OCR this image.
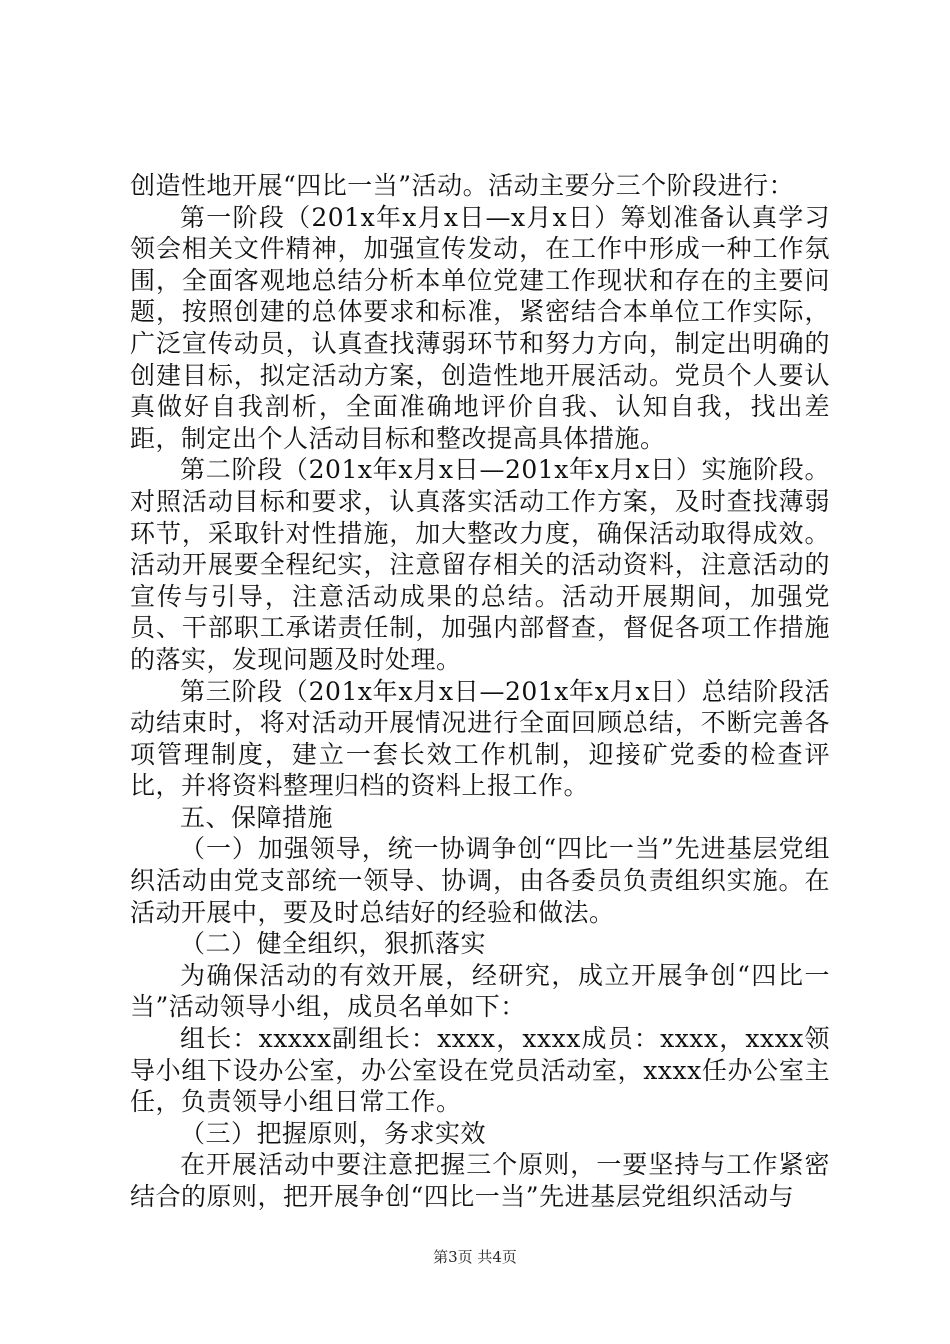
创造性地开展“四比一当”活动。活动主要分三个阶段进行：

第一阶段（201x年x月x日—x月x日）筹划准备认真学习领会相关文件精神，加强宣传发动，在工作中形成一种工作氛围，全面客观地总结分析本单位党建工作现状和存在的主要问题，按照创建的总体要求和标准，紧密结合本单位工作实际，广泛宣传动员，认真查找薄弱环节和努力方向，制定出明确的创建目标，拟定活动方案，创造性地开展活动。党员个人要认真做好自我剖析，全面准确地评价自我、认知自我，找出差距，制定出个人活动目标和整改提高具体措施。

第二阶段（201x年x月x日—201x年x月x日）实施阶段。对照活动目标和要求，认真落实活动工作方案，及时查找薄弱环节，采取针对性措施，加大整改力度，确保活动取得成效。活动开展要全程纪实，注意留存相关的活动资料，注意活动的宣传与引导，注意活动成果的总结。活动开展期间，加强党员、干部职工承诺责任制，加强内部督查，督促各项工作措施的落实，发现问题及时处理。

第三阶段（201x年x月x日—201x年x月x日）总结阶段活动结束时，将对活动开展情况进行全面回顾总结，不断完善各项管理制度，建立一套长效工作机制，迎接矿党委的检查评比，并将资料整理归档的资料上报工作。

五、保障措施

（一）加强领导，统一协调争创“四比一当”先进基层党组织活动由党支部统一领导、协调，由各委员负责组织实施。在活动开展中，要及时总结好的经验和做法。

（二）健全组织，狠抓落实

为确保活动的有效开展，经研究，成立开展争创“四比一当”活动领导小组，成员名单如下：

组长：xxxxx副组长：xxxx，xxxx成员：xxxx，xxxx领导小组下设办公室，办公室设在党员活动室，xxxx任办公室主任，负责领导小组日常工作。

（三）把握原则，务求实效

在开展活动中要注意把握三个原则，一要坚持与工作紧密结合的原则，把开展争创“四比一当”先进基层党组织活动与

第3页 共4页
